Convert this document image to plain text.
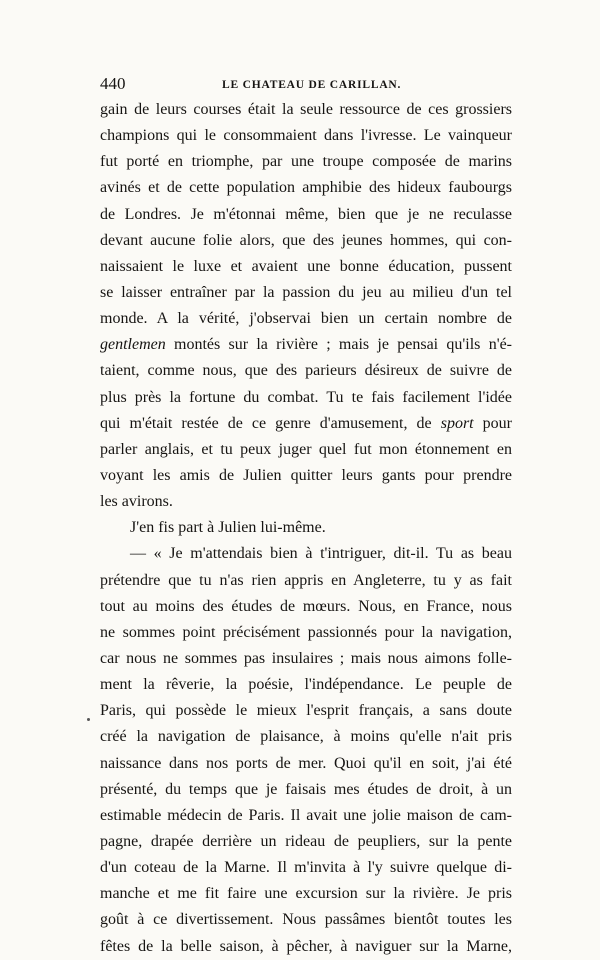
440	LE CHATEAU DE CARILLAN.
gain de leurs courses était la seule ressource de ces grossiers
champions qui le consommaient dans l'ivresse. Le vainqueur
fut porté en triomphe, par une troupe composée de marins
avinés et de cette population amphibie des hideux faubourgs
de Londres. Je m'étonnai même, bien que je ne reculasse
devant aucune folie alors, que des jeunes hommes, qui con-
naissaient le luxe et avaient une bonne éducation, pussent
se laisser entraîner par la passion du jeu au milieu d'un tel
monde. A la vérité, j'observai bien un certain nombre de
gentlemen montés sur la rivière ; mais je pensai qu'ils n'é-
taient, comme nous, que des parieurs désireux de suivre de
plus près la fortune du combat. Tu te fais facilement l'idée
qui m'était restée de ce genre d'amusement, de sport pour
parler anglais, et tu peux juger quel fut mon étonnement en
voyant les amis de Julien quitter leurs gants pour prendre
les avirons.
J'en fis part à Julien lui-même.
— « Je m'attendais bien à t'intriguer, dit-il. Tu as beau
prétendre que tu n'as rien appris en Angleterre, tu y as fait
tout au moins des études de mœurs. Nous, en France, nous
ne sommes point précisément passionnés pour la navigation,
car nous ne sommes pas insulaires ; mais nous aimons folle-
ment la rêverie, la poésie, l'indépendance. Le peuple de
Paris, qui possède le mieux l'esprit français, a sans doute
créé la navigation de plaisance, à moins qu'elle n'ait pris
naissance dans nos ports de mer. Quoi qu'il en soit, j'ai été
présenté, du temps que je faisais mes études de droit, à un
estimable médecin de Paris. Il avait une jolie maison de cam-
pagne, drapée derrière un rideau de peupliers, sur la pente
d'un coteau de la Marne. Il m'invita à l'y suivre quelque di-
manche et me fit faire une excursion sur la rivière. Je pris
goût à ce divertissement. Nous passâmes bientôt toutes les
fêtes de la belle saison, à pêcher, à naviguer sur la Marne,
